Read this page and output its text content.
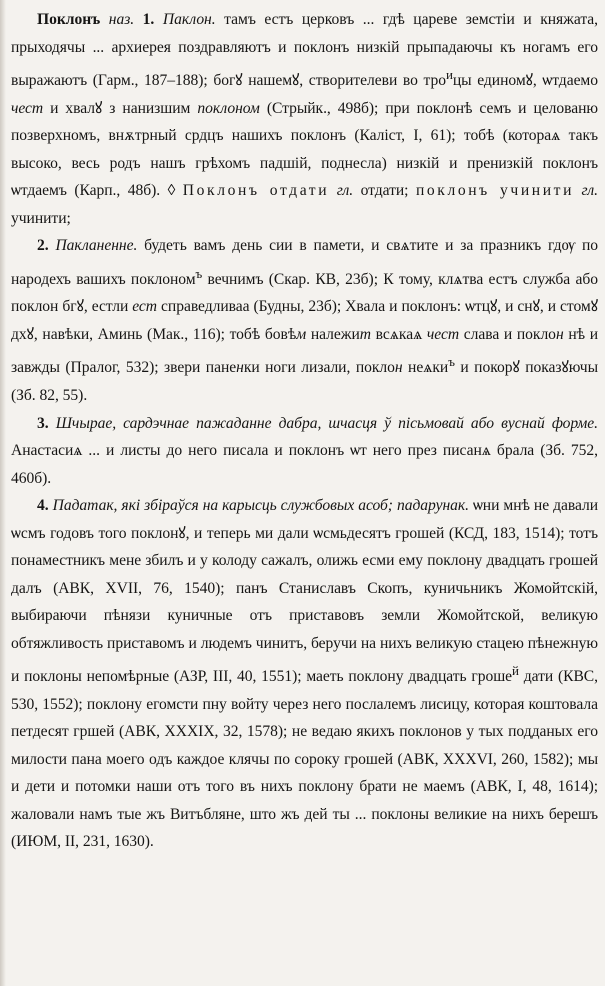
Поклонъ наз. 1. Паклон. тамъ естъ церковъ ... гдѣ цареве земстіи и княжата, прыходячы ... архиерея поздравляютъ и поклонъ низкій прыпадаючы къ ногамъ его выражаютъ (Гарм., 187–188); богꙋ нашемꙋ, створителеви во тро$^и$цы единомꙋ, ѡтдаемо чест и хвалꙋ з нанизшим поклоном (Стрыйк., 498б); при поклонѣ семъ и целованю позверхномъ, внѫтрный срдцъ нашихъ поклонъ (Каліст, I, 61); тобѣ (котораѧ такъ высоко, весь родъ нашъ грѣхомъ падшій, поднесла) низкій и пренизкій поклонъ ѡтдаемъ (Карп., 48б). ◊ Поклонъ отдати гл. отдати; поклонъ учинити гл. учинити;

2. Пакланенне. будеть вамъ день сии в памети, и свѧтите и за празникъ гдѹ по народехъ вашихъ поклоном$^ъ$ вечнимъ (Скар. КВ, 23б); К тому, клѧтва естъ служба або поклон бгꙋ, естли ест справедливаа (Будны, 23б); Хвала и поклонъ: ѡтцꙋ, и снꙋ, и стомꙋ дхꙋ, навѣки, Аминь (Мак., 116); тобѣ бовѣм належит всѧкаѧ чест слава и поклон нѣ и завжды (Пралог, 532); звери паненки ноги лизали, поклон неѧки$^ъ$ и покорꙋ показꙋючы (Зб. 82, 55).

3. Шчырае, сардэчнае пажаданне дабра, шчасця ў пісьмовай або вуснай форме. Анастасиѧ ... и листы до него писала и поклонъ ѡт него през писанѧ брала (Зб. 752, 460б).

4. Падатак, які збіраўся на карысць службовых асоб; падарунак. ѡни мнѣ не давали ѡсмъ годовъ того поклонꙋ, и теперь ми дали ѡсмьдесятъ грошей (КСД, 183, 1514); тотъ понаместникъ мене збилъ и у колоду сажалъ, олижь есми ему поклону двадцать грошей далъ (АВК, XVII, 76, 1540); панъ Станиславъ Скопъ, куничьникъ Жомойтскій, выбираючи пѣнязи куничные отъ приставовъ земли Жомойтской, великую обтяжливость приставомъ и людемъ чинитъ, беручи на нихъ великую стацею пѣнежную и поклоны непомѣрные (АЗР, III, 40, 1551); маеть поклону двадцать гроше$^й$ дати (КВС, 530, 1552); поклону егомсти пну войту через него послалемъ лисицу, которая коштовала петдесят гршей (АВК, XXXIX, 32, 1578); не ведаю якихъ поклонов у тых подданых его милости пана моего одъ каждое клячы по сороку грошей (АВК, XXXVI, 260, 1582); мы и дети и потомки наши отъ того въ нихъ поклону брати не маемъ (АВК, I, 48, 1614); жаловали намъ тые жъ Витъбляне, што жъ дей ты ... поклоны великие на нихъ берешъ (ИЮМ, II, 231, 1630).
